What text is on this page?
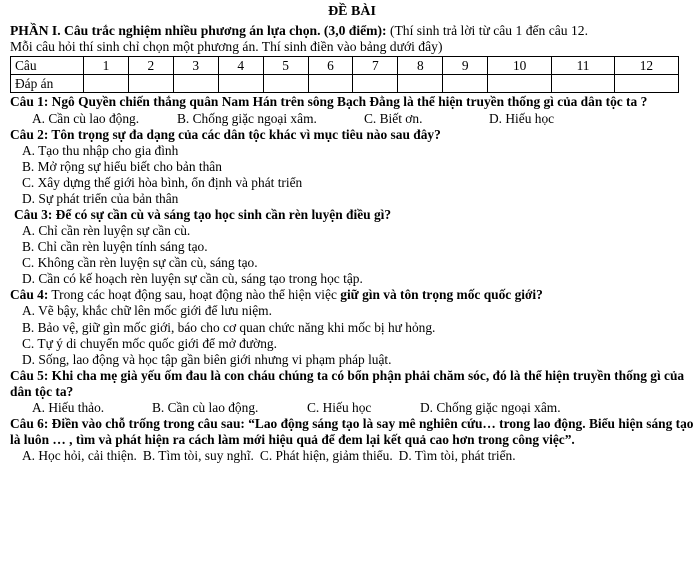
ĐỀ BÀI

PHẦN I. Câu trắc nghiệm nhiều phương án lựa chọn. (3,0 điểm): (Thí sinh trả lời từ câu 1 đến câu 12.

Mỗi câu hỏi thí sinh chỉ chọn một phương án. Thí sinh điền vào bảng dưới đây)

Câu	1	2	3	4	5	6	7	8	9	10	11	12
Đáp án												

Câu 1: Ngô Quyền chiến thắng quân Nam Hán trên sông Bạch Đằng là thể hiện truyền thống gì của dân tộc ta ?

A. Cần cù lao động.	B. Chống giặc ngoại xâm.	C. Biết ơn.	D. Hiếu học

Câu 2: Tôn trọng sự đa dạng của các dân tộc khác vì mục tiêu nào sau đây?

A. Tạo thu nhập cho gia đình

B. Mở rộng sự hiểu biết cho bản thân

C. Xây dựng thế giới hòa bình, ổn định và phát triển

D. Sự phát triển của bản thân

Câu 3: Để có sự cần cù và sáng tạo học sinh cần rèn luyện điều gì?

A. Chỉ cần rèn luyện sự cần cù.

B. Chỉ cần rèn luyện tính sáng tạo.

C. Không cần rèn luyện sự cần cù, sáng tạo.

D. Cần có kế hoạch rèn luyện sự cần cù, sáng tạo trong học tập.

Câu 4: Trong các hoạt động sau, hoạt động nào thể hiện việc giữ gìn và tôn trọng mốc quốc giới?

A. Vẽ bậy, khắc chữ lên mốc giới để lưu niệm.

B. Bảo vệ, giữ gìn mốc giới, báo cho cơ quan chức năng khi mốc bị hư hỏng.

C. Tự ý di chuyển mốc quốc giới để mở đường.

D. Sống, lao động và học tập gần biên giới nhưng vi phạm pháp luật.

Câu 5: Khi cha mẹ già yếu ốm đau là con cháu chúng ta có bổn phận phải chăm sóc, đó là thể hiện truyền thống gì của dân tộc ta?

A. Hiếu thảo.	B. Cần cù lao động.	C. Hiếu học	D. Chống giặc ngoại xâm.

Câu 6: Điền vào chỗ trống trong câu sau: “Lao động sáng tạo là say mê nghiên cứu… trong lao động. Biểu hiện sáng tạo là luôn … , tìm và phát hiện ra cách làm mới hiệu quả để đem lại kết quả cao hơn trong công việc”.

A. Học hỏi, cải thiện. B. Tìm tòi, suy nghĩ. C. Phát hiện, giảm thiểu. D. Tìm tòi, phát triển.
